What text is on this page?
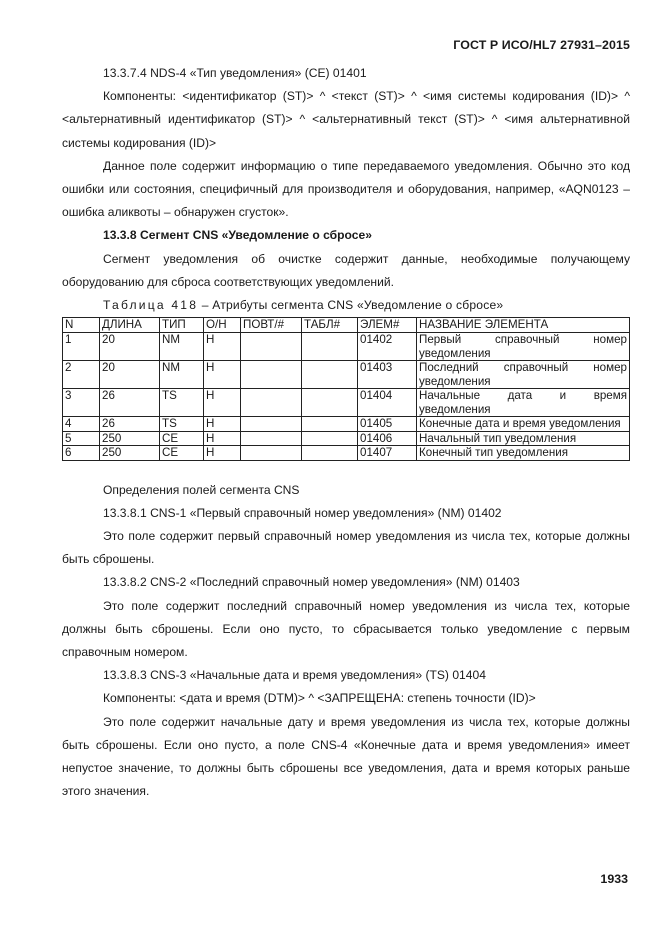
ГОСТ Р ИСО/HL7 27931–2015

13.3.7.4 NDS-4 «Тип уведомления» (CE) 01401

Компоненты: <идентификатор (ST)> ^ <текст (ST)> ^ <имя системы кодирования (ID)> ^ <альтернативный идентификатор (ST)> ^ <альтернативный текст (ST)> ^ <имя альтернативной системы кодирования (ID)>

Данное поле содержит информацию о типе передаваемого уведомления. Обычно это код ошибки или состояния, специфичный для производителя и оборудования, например, «AQN0123 – ошибка аликвоты – обнаружен сгусток».

13.3.8 Сегмент CNS «Уведомление о сбросе»

Сегмент уведомления об очистке содержит данные, необходимые получающему оборудованию для сброса соответствующих уведомлений.

Таблица 418 – Атрибуты сегмента CNS «Уведомление о сбросе»

N	ДЛИНА	ТИП	О/Н	ПОВТ/#	ТАБЛ#	ЭЛЕМ#	НАЗВАНИЕ ЭЛЕМЕНТА
1	20	NM	Н			01402	Первый справочный номер уведомления
2	20	NM	Н			01403	Последний справочный номер уведомления
3	26	TS	Н			01404	Начальные дата и время уведомления
4	26	TS	Н			01405	Конечные дата и время уведомления
5	250	CE	Н			01406	Начальный тип уведомления
6	250	CE	Н			01407	Конечный тип уведомления

Определения полей сегмента CNS

13.3.8.1 CNS-1 «Первый справочный номер уведомления» (NM) 01402

Это поле содержит первый справочный номер уведомления из числа тех, которые должны быть сброшены.

13.3.8.2 CNS-2 «Последний справочный номер уведомления» (NM) 01403

Это поле содержит последний справочный номер уведомления из числа тех, которые должны быть сброшены. Если оно пусто, то сбрасывается только уведомление с первым справочным номером.

13.3.8.3 CNS-3 «Начальные дата и время уведомления» (TS) 01404

Компоненты: <дата и время (DTM)> ^ <ЗАПРЕЩЕНА: степень точности (ID)>

Это поле содержит начальные дату и время уведомления из числа тех, которые должны быть сброшены. Если оно пусто, а поле CNS-4 «Конечные дата и время уведомления» имеет непустое значение, то должны быть сброшены все уведомления, дата и время которых раньше этого значения.

1933
